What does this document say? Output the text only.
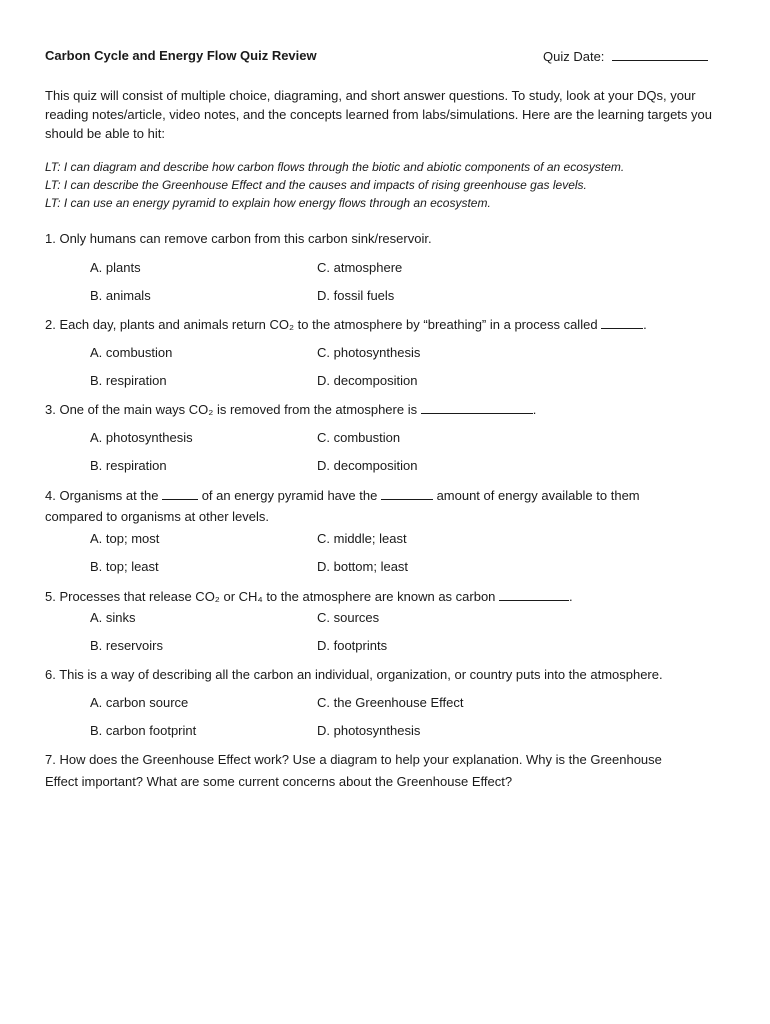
Carbon Cycle and Energy Flow Quiz Review	Quiz Date:
This quiz will consist of multiple choice, diagraming, and short answer questions. To study, look at your DQs, your reading notes/article, video notes, and the concepts learned from labs/simulations. Here are the learning targets you should be able to hit:
LT: I can diagram and describe how carbon flows through the biotic and abiotic components of an ecosystem.
LT: I can describe the Greenhouse Effect and the causes and impacts of rising greenhouse gas levels.
LT: I can use an energy pyramid to explain how energy flows through an ecosystem.
1. Only humans can remove carbon from this carbon sink/reservoir.
A. plants	C. atmosphere
B. animals	D. fossil fuels
2. Each day, plants and animals return CO₂ to the atmosphere by “breathing” in a process called	.
A. combustion	C. photosynthesis
B. respiration	D. decomposition
3. One of the main ways CO₂ is removed from the atmosphere is	.
A. photosynthesis	C. combustion
B. respiration	D. decomposition
4. Organisms at the	of an energy pyramid have the	amount of energy available to them
compared to organisms at other levels.
A. top; most	C. middle; least
B. top; least	D. bottom; least
5. Processes that release CO₂ or CH₄ to the atmosphere are known as carbon	.
A. sinks	C. sources
B. reservoirs	D. footprints
6. This is a way of describing all the carbon an individual, organization, or country puts into the atmosphere.
A. carbon source	C. the Greenhouse Effect
B. carbon footprint	D. photosynthesis
7. How does the Greenhouse Effect work? Use a diagram to help your explanation. Why is the Greenhouse
Effect important? What are some current concerns about the Greenhouse Effect?
